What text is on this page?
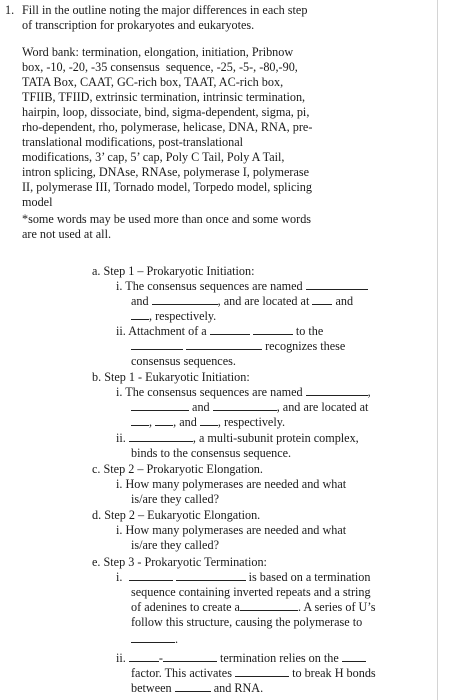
1. Fill in the outline noting the major differences in each step
of transcription for prokaryotes and eukaryotes.
Word bank: termination, elongation, initiation, Pribnow
box, -10, -20, -35 consensus  sequence, -25, -5-, -80,-90,
TATA Box, CAAT, GC-rich box, TAAT, AC-rich box,
TFIIB, TFIID, extrinsic termination, intrinsic termination,
hairpin, loop, dissociate, bind, sigma-dependent, sigma, pi,
rho-dependent, rho, polymerase, helicase, DNA, RNA, pre-
translational modifications, post-translational
modifications, 3’ cap, 5’ cap, Poly C Tail, Poly A Tail,
intron splicing, DNAse, RNAse, polymerase I, polymerase
II, polymerase III, Tornado model, Torpedo model, splicing
model
*some words may be used more than once and some words
are not used at all.
a. Step 1 – Prokaryotic Initiation:
i. The consensus sequences are named
and	, and are located at and
, respectively.
ii. Attachment of a	to the
recognizes these
consensus sequences.
b. Step 1 - Eukaryotic Initiation:
i. The consensus sequences are named	,
and	, and are located at
, , and , respectively.
ii.	, a multi-subunit protein complex,
binds to the consensus sequence.
c. Step 2 – Prokaryotic Elongation.
i. How many polymerases are needed and what
is/are they called?
d. Step 2 – Eukaryotic Elongation.
i. How many polymerases are needed and what
is/are they called?
e. Step 3 - Prokaryotic Termination:
i.	is based on a termination
sequence containing inverted repeats and a string
of adenines to create a	. A series of U’s
follow this structure, causing the polymerase to
.
ii.	-	termination relies on the
factor. This activates	to break H bonds
between	and RNA.
